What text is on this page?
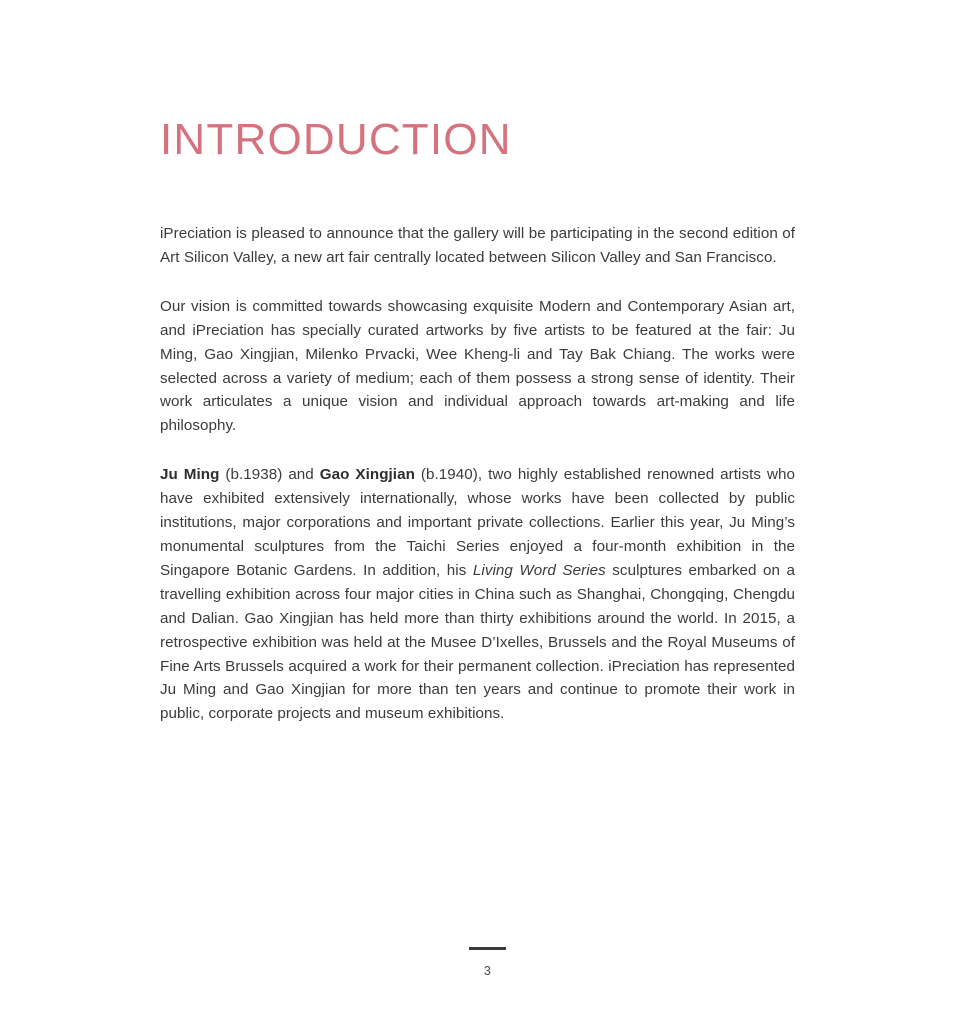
INTRODUCTION

iPreciation is pleased to announce that the gallery will be participating in the second edition of Art Silicon Valley, a new art fair centrally located between Silicon Valley and San Francisco.

Our vision is committed towards showcasing exquisite Modern and Contemporary Asian art, and iPreciation has specially curated artworks by five artists to be featured at the fair: Ju Ming, Gao Xingjian, Milenko Prvacki, Wee Kheng-li and Tay Bak Chiang. The works were selected across a variety of medium; each of them possess a strong sense of identity. Their work articulates a unique vision and individual approach towards art-making and life philosophy.

Ju Ming (b.1938) and Gao Xingjian (b.1940), two highly established renowned artists who have exhibited extensively internationally, whose works have been collected by public institutions, major corporations and important private collections. Earlier this year, Ju Ming’s monumental sculptures from the Taichi Series enjoyed a four-month exhibition in the Singapore Botanic Gardens. In addition, his Living Word Series sculptures embarked on a travelling exhibition across four major cities in China such as Shanghai, Chongqing, Chengdu and Dalian. Gao Xingjian has held more than thirty exhibitions around the world. In 2015, a retrospective exhibition was held at the Musee D’Ixelles, Brussels and the Royal Museums of Fine Arts Brussels acquired a work for their permanent collection. iPreciation has represented Ju Ming and Gao Xingjian for more than ten years and continue to promote their work in public, corporate projects and museum exhibitions.

3
